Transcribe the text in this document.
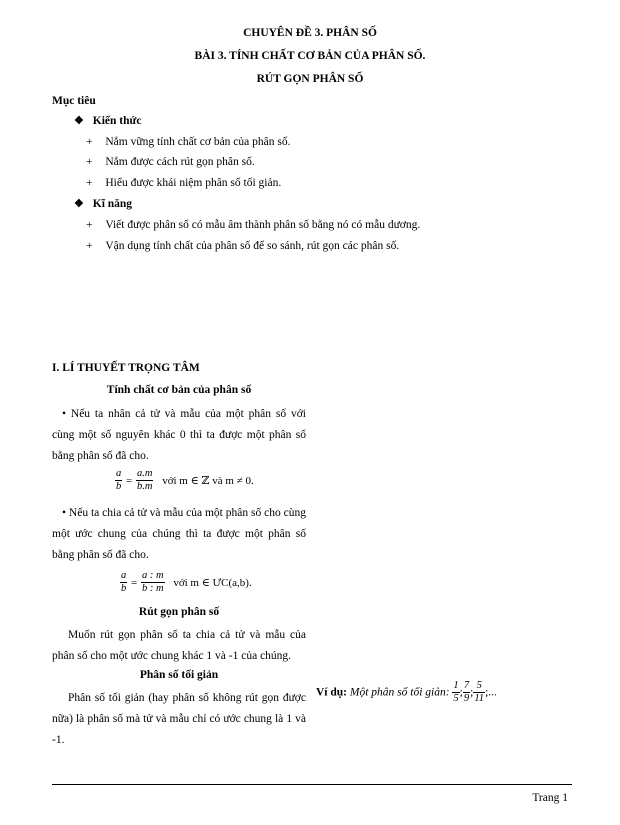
CHUYÊN ĐỀ 3. PHÂN SỐ
BÀI 3. TÍNH CHẤT CƠ BẢN CỦA PHÂN SỐ.
RÚT GỌN PHÂN SỐ
Mục tiêu
❖ Kiến thức
+ Nắm vững tính chất cơ bản của phân số.
+ Nắm được cách rút gọn phân số.
+ Hiểu được khái niệm phân số tối giản.
❖ Kĩ năng
+ Viết được phân số có mẫu âm thành phân số bằng nó có mẫu dương.
+ Vận dụng tính chất của phân số để so sánh, rút gọn các phân số.
I. LÍ THUYẾT TRỌNG TÂM
Tính chất cơ bản của phân số
• Nếu ta nhân cả tử và mẫu của một phân số với cùng một số nguyên khác 0 thì ta được một phân số bằng phân số đã cho.
$\frac{a}{b} = \frac{a.m}{b.m}$ với m ∈ ℤ và m ≠ 0.
• Nếu ta chia cả tử và mẫu của một phân số cho cùng một ước chung của chúng thì ta được một phân số bằng phân số đã cho.
$\frac{a}{b} = \frac{a : m}{b : m}$ với m ∈ ƯC(a,b).
Rút gọn phân số
Muốn rút gọn phân số ta chia cả tử và mẫu của phân số cho một ước chung khác 1 và -1 của chúng.
Phân số tối giản
Phân số tối giản (hay phân số không rút gọn được nữa) là phân số mà tử và mẫu chỉ có ước chung là 1 và -1.
Ví dụ: Một phân số tối giản: $\frac{1}{5}$ ; $\frac{7}{9}$ ; $\frac{5}{11}$ ;...
Trang 1
